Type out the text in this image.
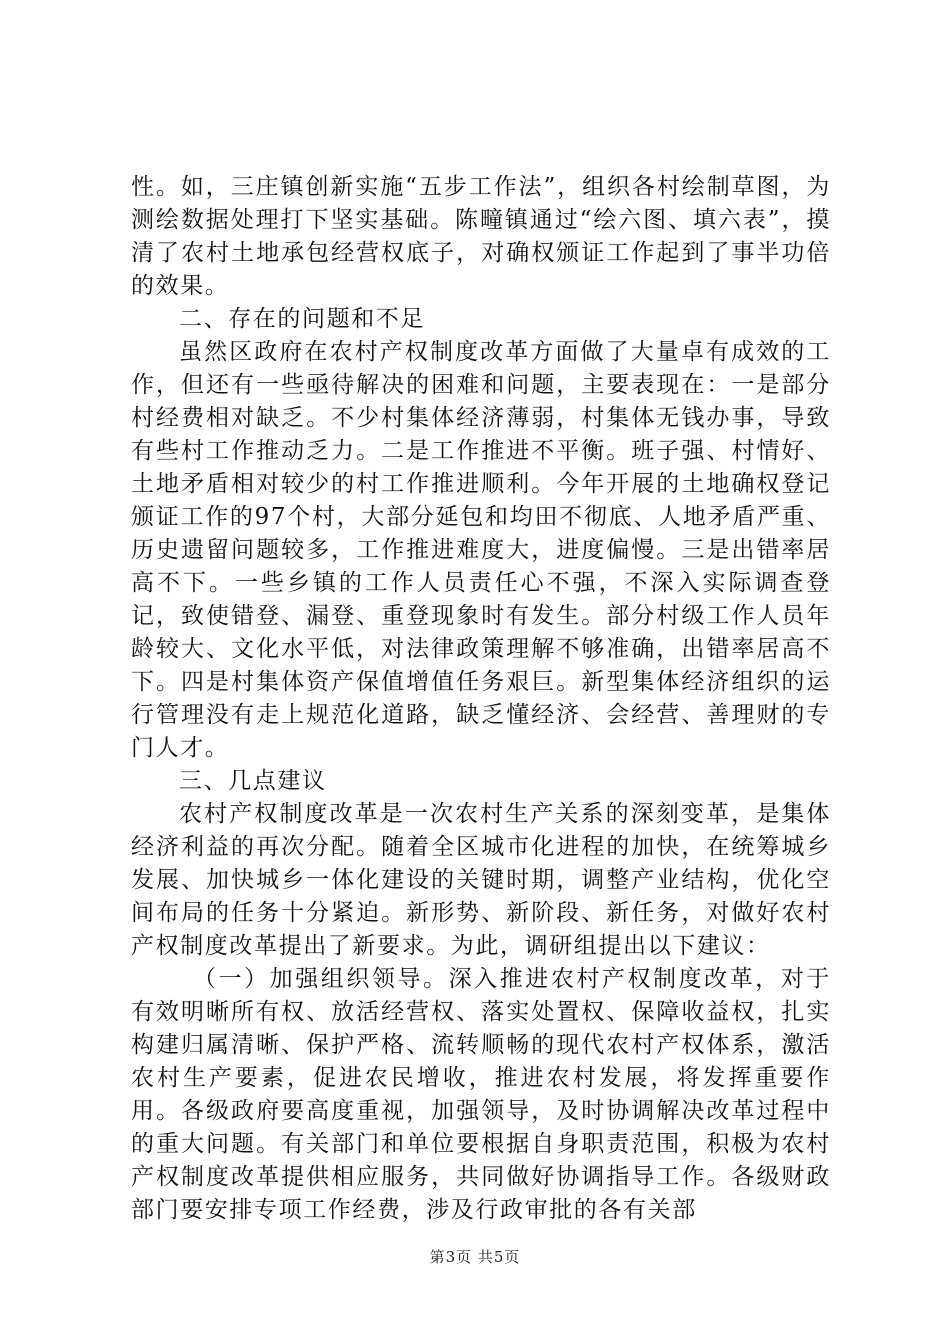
性。如，三庄镇创新实施“五步工作法”，组织各村绘制草图，为测绘数据处理打下坚实基础。陈疃镇通过“绘六图、填六表”，摸清了农村土地承包经营权底子，对确权颁证工作起到了事半功倍的效果。

二、存在的问题和不足

虽然区政府在农村产权制度改革方面做了大量卓有成效的工作，但还有一些亟待解决的困难和问题，主要表现在：一是部分村经费相对缺乏。不少村集体经济薄弱，村集体无钱办事，导致有些村工作推动乏力。二是工作推进不平衡。班子强、村情好、土地矛盾相对较少的村工作推进顺利。今年开展的土地确权登记颁证工作的97个村，大部分延包和均田不彻底、人地矛盾严重、历史遗留问题较多，工作推进难度大，进度偏慢。三是出错率居高不下。一些乡镇的工作人员责任心不强，不深入实际调查登记，致使错登、漏登、重登现象时有发生。部分村级工作人员年龄较大、文化水平低，对法律政策理解不够准确，出错率居高不下。四是村集体资产保值增值任务艰巨。新型集体经济组织的运行管理没有走上规范化道路，缺乏懂经济、会经营、善理财的专门人才。

三、几点建议

农村产权制度改革是一次农村生产关系的深刻变革，是集体经济利益的再次分配。随着全区城市化进程的加快，在统筹城乡发展、加快城乡一体化建设的关键时期，调整产业结构，优化空间布局的任务十分紧迫。新形势、新阶段、新任务，对做好农村产权制度改革提出了新要求。为此，调研组提出以下建议：

（一）加强组织领导。深入推进农村产权制度改革，对于有效明晰所有权、放活经营权、落实处置权、保障收益权，扎实构建归属清晰、保护严格、流转顺畅的现代农村产权体系，激活农村生产要素，促进农民增收，推进农村发展，将发挥重要作用。各级政府要高度重视，加强领导，及时协调解决改革过程中的重大问题。有关部门和单位要根据自身职责范围，积极为农村产权制度改革提供相应服务，共同做好协调指导工作。各级财政部门要安排专项工作经费，涉及行政审批的各有关部

第3页 共5页
